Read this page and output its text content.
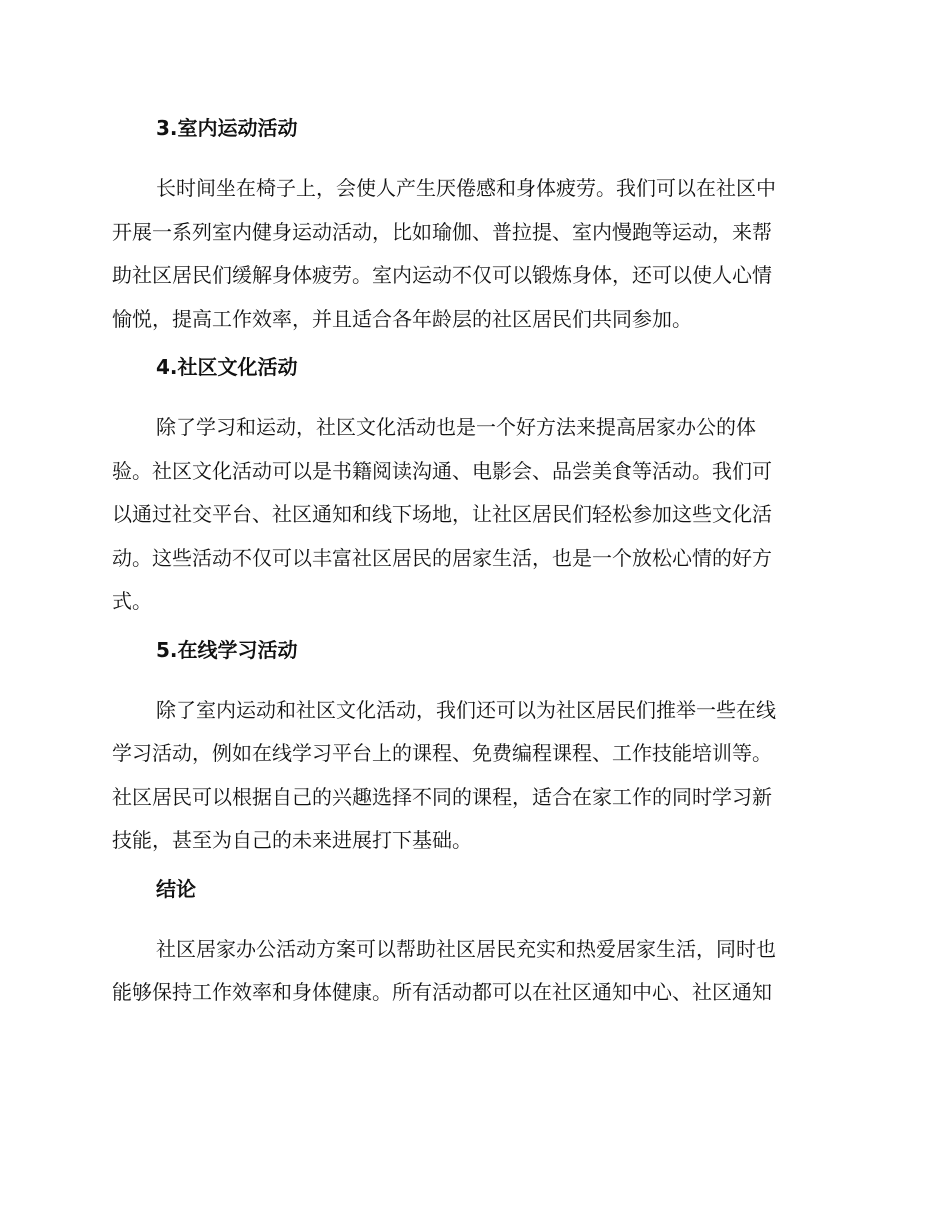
3.室内运动活动
长时间坐在椅子上，会使人产生厌倦感和身体疲劳。我们可以在社区中
开展一系列室内健身运动活动，比如瑜伽、普拉提、室内慢跑等运动，来帮
助社区居民们缓解身体疲劳。室内运动不仅可以锻炼身体，还可以使人心情
愉悦，提高工作效率，并且适合各年龄层的社区居民们共同参加。
4.社区文化活动
除了学习和运动，社区文化活动也是一个好方法来提高居家办公的体
验。社区文化活动可以是书籍阅读沟通、电影会、品尝美食等活动。我们可
以通过社交平台、社区通知和线下场地，让社区居民们轻松参加这些文化活
动。这些活动不仅可以丰富社区居民的居家生活，也是一个放松心情的好方
式。
5.在线学习活动
除了室内运动和社区文化活动，我们还可以为社区居民们推举一些在线
学习活动，例如在线学习平台上的课程、免费编程课程、工作技能培训等。
社区居民可以根据自己的兴趣选择不同的课程，适合在家工作的同时学习新
技能，甚至为自己的未来进展打下基础。
结论
社区居家办公活动方案可以帮助社区居民充实和热爱居家生活，同时也
能够保持工作效率和身体健康。所有活动都可以在社区通知中心、社区通知
